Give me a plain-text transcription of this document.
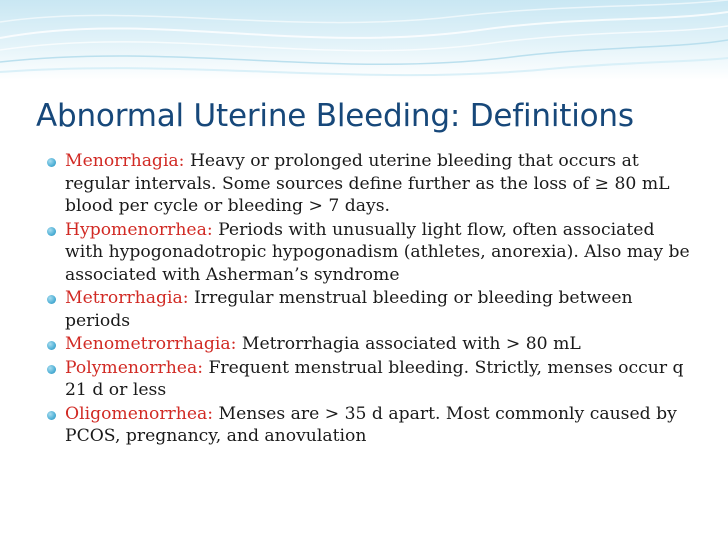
Abnormal Uterine Bleeding: Definitions
Menorrhagia: Heavy or prolonged uterine bleeding that occurs at regular intervals. Some sources define further as the loss of ≥ 80 mL blood per cycle or bleeding > 7 days.
Hypomenorrhea: Periods with unusually light flow, often associated with hypogonadotropic hypogonadism (athletes, anorexia). Also may be associated with Asherman’s syndrome
Metrorrhagia: Irregular menstrual bleeding or bleeding between periods
Menometrorrhagia: Metrorrhagia associated with > 80 mL
Polymenorrhea: Frequent menstrual bleeding. Strictly, menses occur q 21 d or less
Oligomenorrhea: Menses are > 35 d apart. Most commonly caused by PCOS, pregnancy, and anovulation
